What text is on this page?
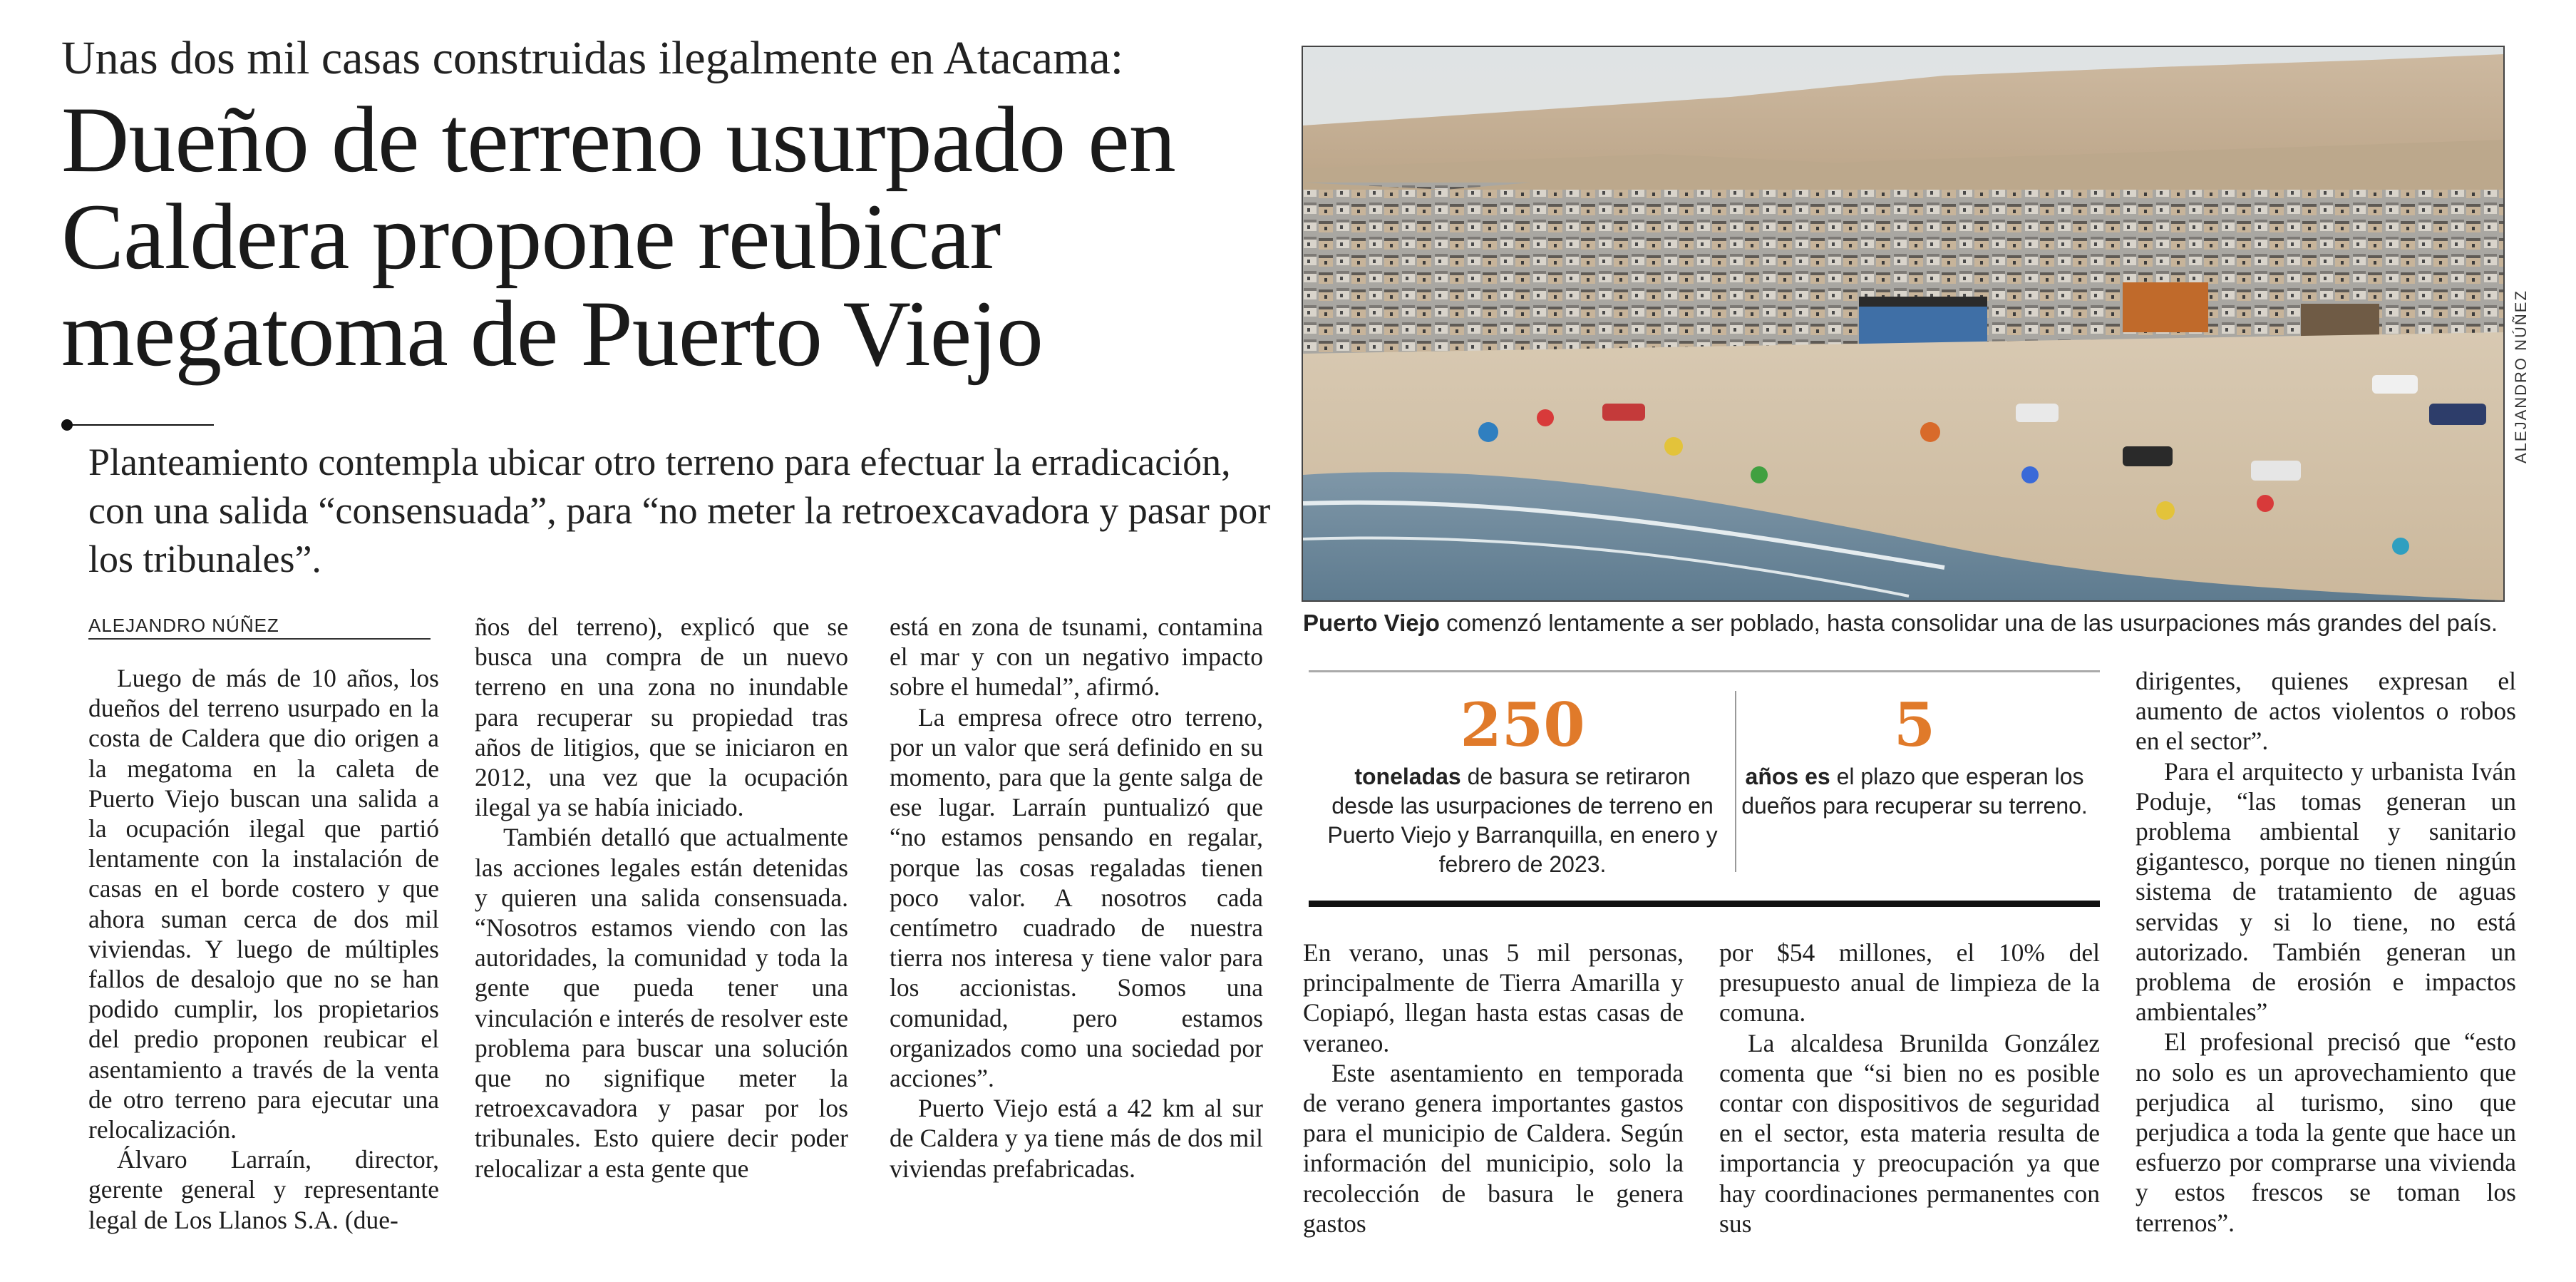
Unas dos mil casas construidas ilegalmente en Atacama:
Dueño de terreno usurpado en Caldera propone reubicar megatoma de Puerto Viejo
Planteamiento contempla ubicar otro terreno para efectuar la erradicación, con una salida “consensuada”, para “no meter la retroexcavadora y pasar por los tribunales”.
ALEJANDRO NÚÑEZ

Luego de más de 10 años, los dueños del terreno usurpado en la costa de Caldera que dio origen a la megatoma en la caleta de Puerto Viejo buscan una salida a la ocupación ilegal que partió lentamente con la instalación de casas en el borde costero y que ahora suman cerca de dos mil viviendas. Y luego de múltiples fallos de desalojo que no se han podido cumplir, los propietarios del predio proponen reubicar el asentamiento a través de la venta de otro terreno para ejecutar una relocalización.

Álvaro Larraín, director, gerente general y representante legal de Los Llanos S.A. (due-

ños del terreno), explicó que se busca una compra de un nuevo terreno en una zona no inundable para recuperar su propiedad tras años de litigios, que se iniciaron en 2012, una vez que la ocupación ilegal ya se había iniciado.

También detalló que actualmente las acciones legales están detenidas y quieren una salida consensuada. “Nosotros estamos viendo con las autoridades, la comunidad y toda la gente que pueda tener una vinculación e interés de resolver este problema para buscar una solución que no signifique meter la retroexcavadora y pasar por los tribunales. Esto quiere decir poder relocalizar a esta gente que

está en zona de tsunami, contamina el mar y con un negativo impacto sobre el humedal”, afirmó.

La empresa ofrece otro terreno, por un valor que será definido en su momento, para que la gente salga de ese lugar. Larraín puntualizó que “no estamos pensando en regalar, porque las cosas regaladas tienen poco valor. A nosotros cada centímetro cuadrado de nuestra tierra nos interesa y tiene valor para los accionistas. Somos una comunidad, pero estamos organizados como una sociedad por acciones”.

Puerto Viejo está a 42 km al sur de Caldera y ya tiene más de dos mil viviendas prefabricadas.

ALEJANDRO NÚÑEZ
Puerto Viejo comenzó lentamente a ser poblado, hasta consolidar una de las usurpaciones más grandes del país.
250
toneladas de basura se retiraron desde las usurpaciones de terreno en Puerto Viejo y Barranquilla, en enero y febrero de 2023.
5
años es el plazo que esperan los dueños para recuperar su terreno.

En verano, unas 5 mil personas, principalmente de Tierra Amarilla y Copiapó, llegan hasta estas casas de veraneo.

Este asentamiento en temporada de verano genera importantes gastos para el municipio de Caldera. Según información del municipio, solo la recolección de basura le genera gastos

por $54 millones, el 10% del presupuesto anual de limpieza de la comuna.

La alcaldesa Brunilda González comenta que “si bien no es posible contar con dispositivos de seguridad en el sector, esta materia resulta de importancia y preocupación ya que hay coordinaciones permanentes con sus

dirigentes, quienes expresan el aumento de actos violentos o robos en el sector”.

Para el arquitecto y urbanista Iván Poduje, “las tomas generan un problema ambiental y sanitario gigantesco, porque no tienen ningún sistema de tratamiento de aguas servidas y si lo tiene, no está autorizado. También generan un problema de erosión e impactos ambientales”

El profesional precisó que “esto no solo es un aprovechamiento que perjudica al turismo, sino que perjudica a toda la gente que hace un esfuerzo por comprarse una vivienda y estos frescos se toman los terrenos”.
